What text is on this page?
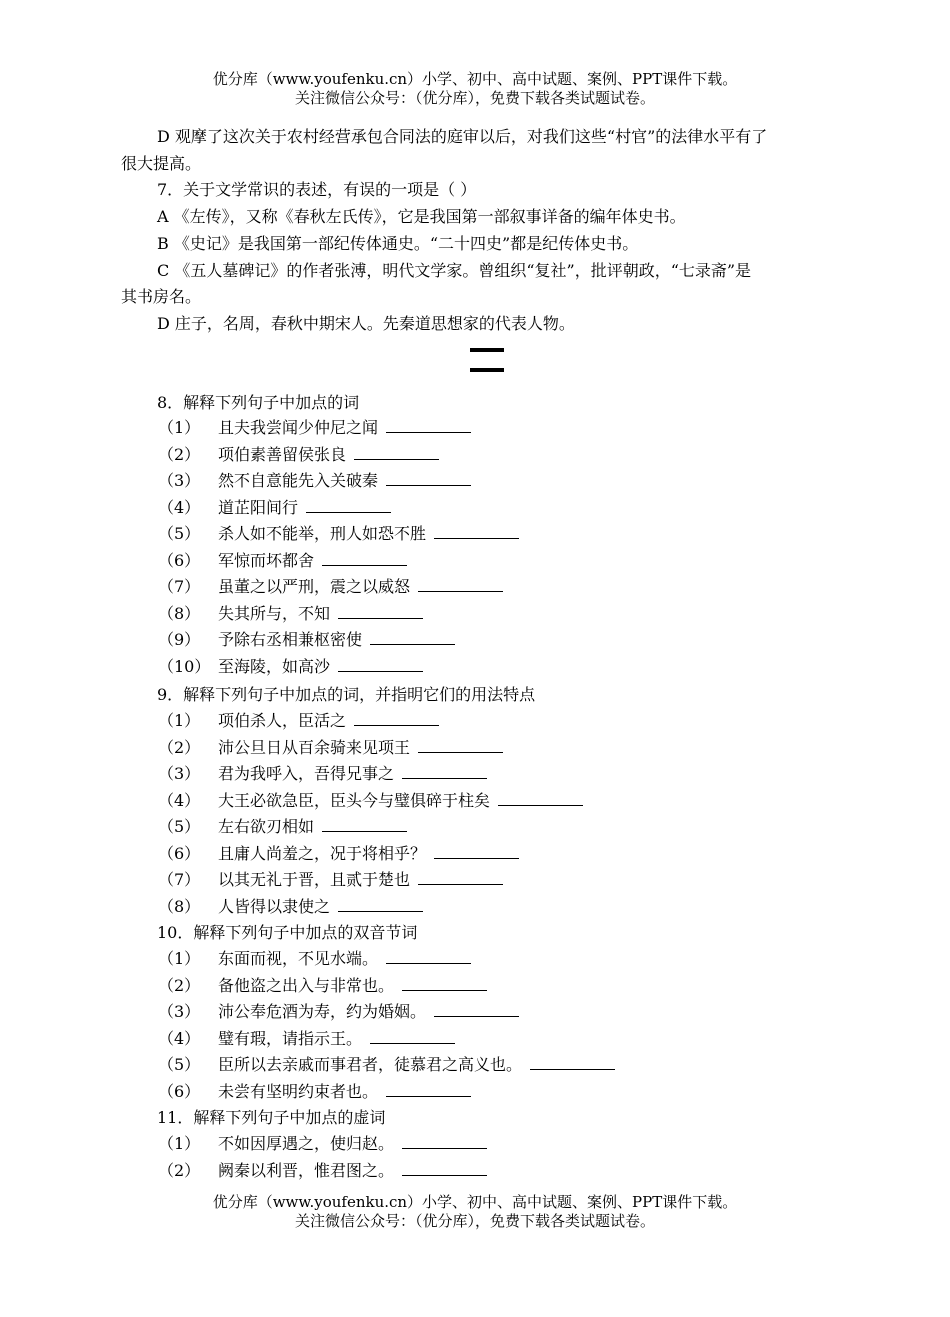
优分库（www.youfenku.cn）小学、初中、高中试题、案例、PPT课件下载。
关注微信公众号：（优分库），免费下载各类试题试卷。
D 观摩了这次关于农村经营承包合同法的庭审以后，对我们这些“村官”的法律水平有了
很大提高。
7．关于文学常识的表述，有误的一项是（ ）
A 《左传》，又称《春秋左氏传》，它是我国第一部叙事详备的编年体史书。
B 《史记》是我国第一部纪传体通史。“二十四史”都是纪传体史书。
C 《五人墓碑记》的作者张溥，明代文学家。曾组织“复社”，批评朝政，“七录斋”是
其书房名。
D 庄子，名周，春秋中期宋人。先秦道思想家的代表人物。
8．解释下列句子中加点的词
（1） 且夫我尝闻少仲尼之闻
（2） 项伯素善留侯张良
（3） 然不自意能先入关破秦
（4） 道芷阳间行
（5） 杀人如不能举，刑人如恐不胜
（6） 军惊而坏都舍
（7） 虽董之以严刑，震之以威怒
（8） 失其所与，不知
（9） 予除右丞相兼枢密使
（10） 至海陵，如高沙
9．解释下列句子中加点的词，并指明它们的用法特点
（1） 项伯杀人，臣活之
（2） 沛公旦日从百余骑来见项王
（3） 君为我呼入，吾得兄事之
（4） 大王必欲急臣，臣头今与璧俱碎于柱矣
（5） 左右欲刃相如
（6） 且庸人尚羞之，况于将相乎？
（7） 以其无礼于晋，且贰于楚也
（8） 人皆得以隶使之
10．解释下列句子中加点的双音节词
（1） 东面而视，不见水端。
（2） 备他盗之出入与非常也。
（3） 沛公奉危酒为寿，约为婚姻。
（4） 璧有瑕，请指示王。
（5） 臣所以去亲戚而事君者，徒慕君之高义也。
（6） 未尝有坚明约束者也。
11．解释下列句子中加点的虚词
（1） 不如因厚遇之，使归赵。
（2） 阙秦以利晋，惟君图之。
优分库（www.youfenku.cn）小学、初中、高中试题、案例、PPT课件下载。
关注微信公众号：（优分库），免费下载各类试题试卷。
